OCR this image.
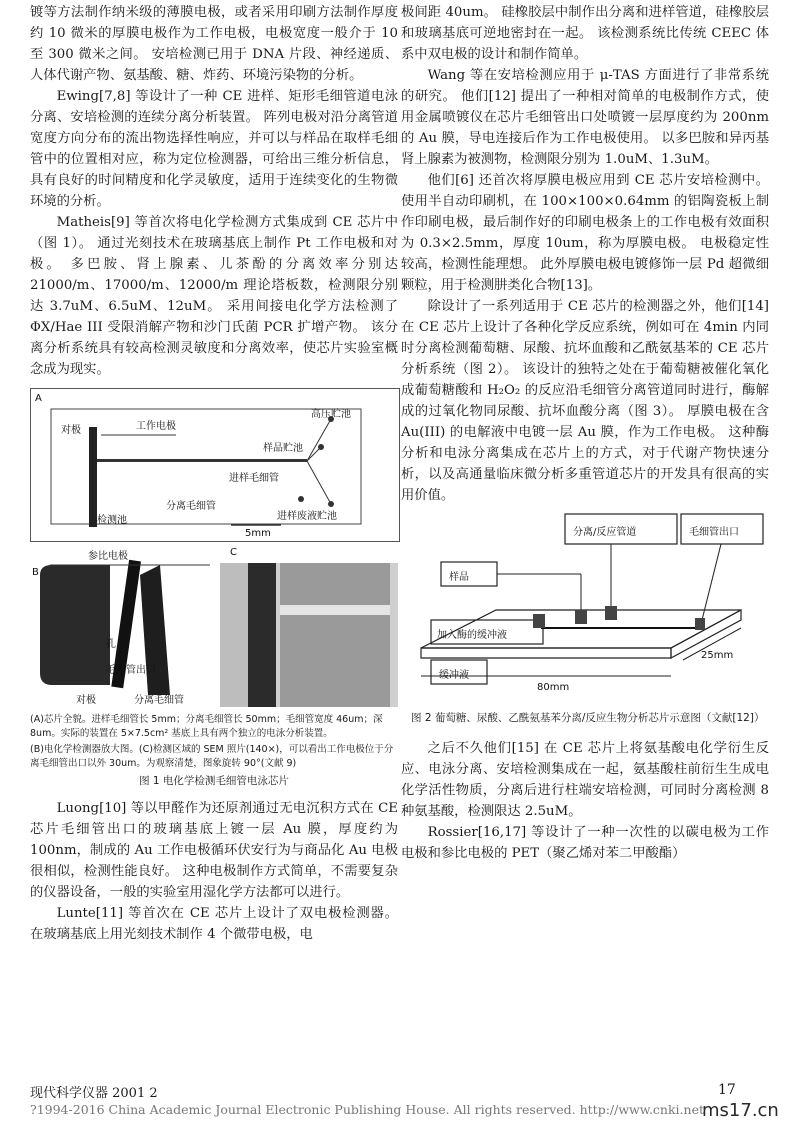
镀等方法制作纳米级的薄膜电极，或者采用印刷方法制作厚度约 10 微米的厚膜电极作为工作电极，电极宽度一般介于 10 至 300 微米之间。 安培检测已用于 DNA 片段、神经递质、人体代谢产物、氨基酸、糖、炸药、环境污染物的分析。

Ewing[7,8] 等设计了一种 CE 进样、矩形毛细管道电泳分离、安培检测的连续分离分析装置。 阵列电极对沿分离管道宽度方向分布的流出物选择性响应，并可以与样品在取样毛细管中的位置相对应，称为定位检测器，可给出三维分析信息，具有良好的时间精度和化学灵敏度，适用于连续变化的生物微环境的分析。

Matheis[9] 等首次将电化学检测方式集成到 CE 芯片中（图 1）。 通过光刻技术在玻璃基底上制作 Pt 工作电极和对极。 多巴胺、肾上腺素、儿茶酚的分离效率分别达 21000/m、17000/m、12000/m 理论塔板数，检测限分别达 3.7uM、6.5uM、12uM。 采用间接电化学方法检测了 ΦX/Hae III 受限消解产物和沙门氏菌 PCR 扩增产物。 该分离分析系统具有较高检测灵敏度和分离效率，使芯片实验室概念成为现实。

A
对极	工作电极
高压贮池
样品贮池
进样毛细管
分离毛细管
检测池	进样废液贮池
5mm
B
参比电极
孔
毛细管出口
对极	分离毛细管
C

(A)芯片全貌。进样毛细管长 5mm；分离毛细管长 50mm；毛细管宽度 46um；深 8um。实际的装置在 5×7.5cm² 基底上具有两个独立的电泳分析装置。

(B)电化学检测器放大图。(C)检测区域的 SEM 照片(140×)，可以看出工作电极位于分离毛细管出口以外 30um。为观察清楚，图象旋转 90°(文献 9)

图 1 电化学检测毛细管电泳芯片

Luong[10] 等以甲醛作为还原剂通过无电沉积方式在 CE 芯片毛细管出口的玻璃基底上镀一层 Au 膜，厚度约为 100nm，制成的 Au 工作电极循环伏安行为与商品化 Au 电极很相似，检测性能良好。 这种电极制作方式简单，不需要复杂的仪器设备，一般的实验室用湿化学方法都可以进行。

Lunte[11] 等首次在 CE 芯片上设计了双电极检测器。 在玻璃基底上用光刻技术制作 4 个微带电极，电

极间距 40um。 硅橡胶层中制作出分离和进样管道，硅橡胶层和玻璃基底可逆地密封在一起。 该检测系统比传统 CEEC 体系中双电极的设计和制作简单。

Wang 等在安培检测应用于 μ-TAS 方面进行了非常系统的研究。 他们[12] 提出了一种相对简单的电极制作方式，使用金属喷镀仪在芯片毛细管出口处喷镀一层厚度约为 200nm 的 Au 膜，导电连接后作为工作电极使用。 以多巴胺和异丙基肾上腺素为被测物，检测限分别为 1.0uM、1.3uM。

他们[6] 还首次将厚膜电极应用到 CE 芯片安培检测中。 使用半自动印刷机，在 100×100×0.64mm 的铝陶瓷板上制作印刷电极，最后制作好的印刷电极条上的工作电极有效面积为 0.3×2.5mm，厚度 10um，称为厚膜电极。 电极稳定性较高，检测性能理想。 此外厚膜电极电镀修饰一层 Pd 超微细颗粒，用于检测肼类化合物[13]。

除设计了一系列适用于 CE 芯片的检测器之外，他们[14] 在 CE 芯片上设计了各种化学反应系统，例如可在 4min 内同时分离检测葡萄糖、尿酸、抗坏血酸和乙酰氨基苯的 CE 芯片分析系统（图 2）。 该设计的独特之处在于葡萄糖被催化氧化成葡萄糖酸和 H₂O₂ 的反应沿毛细管分离管道同时进行，酶解成的过氧化物同尿酸、抗坏血酸分离（图 3）。 厚膜电极在含 Au(III) 的电解液中电镀一层 Au 膜，作为工作电极。 这种酶分析和电泳分离集成在芯片上的方式，对于代谢产物快速分析，以及高通量临床微分析多重管道芯片的开发具有很高的实用价值。

分离/反应管道	毛细管出口
样品
加入酶的缓冲液
缓冲液
25mm
80mm

图 2 葡萄糖、尿酸、乙酰氨基苯分离/反应生物分析芯片示意图（文献[12]）

之后不久他们[15] 在 CE 芯片上将氨基酸电化学衍生反应、电泳分离、安培检测集成在一起，氨基酸柱前衍生生成电化学活性物质，分离后进行柱端安培检测，可同时分离检测 8 种氨基酸，检测限达 2.5uM。

Rossier[16,17] 等设计了一种一次性的以碳电极为工作电极和参比电极的 PET（聚乙烯对苯二甲酸酯）

现代科学仪器 2001 2	17
?1994-2016 China Academic Journal Electronic Publishing House. All rights reserved. http://www.cnki.net
ms17.cn
